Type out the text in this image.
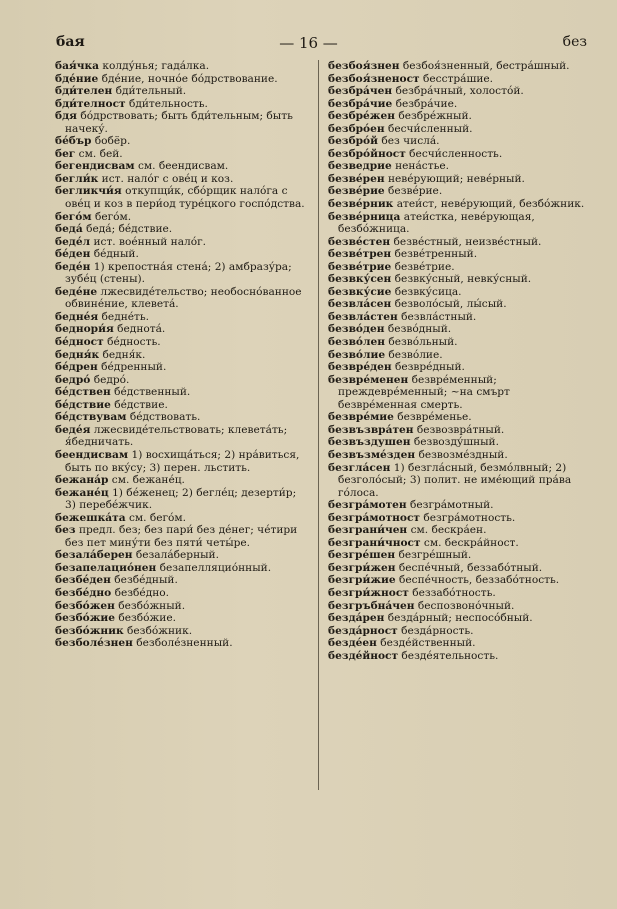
бая	— 16 —	без
бая́чка колду́нья; гада́лка.
бде́ние бде́ние, ночно́е бо́дрствование.
бди́телен бди́тельный.
бди́телност бди́тельность.
бдя бо́дрствовать; быть бди́тельным; быть начеку́.
бе́бър бобёр.
бег см. бей.
бегендисвам см. беендисвам.
бегли́к ист. нало́г с ове́ц и коз.
бегликчи́я откупщи́к, сбо́рщик нало́га с ове́ц и коз в пери́од туре́цкого госпо́дства.
бего́м бего́м.
беда́ беда́; бе́дствие.
беде́л ист. вое́нный нало́г.
бе́ден бе́дный.
беде́н 1) крепостна́я стена́; 2) амбразу́ра; зубе́ц (стены).
беде́не лжесвиде́тельство; необосно́ванное обвине́ние, клевета́.
бедне́я бедне́ть.
беднори́я беднота́.
бе́дност бе́дность.
бедня́к бедня́к.
бе́дрен бе́дренный.
бедро́ бедро́.
бе́дствен бе́дственный.
бе́дствие бе́дствие.
бе́дствувам бе́дствовать.
беде́я лжесвиде́тельствовать; клевета́ть; я́бедничать.
беендисвам 1) восхища́ться; 2) нра́виться, быть по вку́су; 3) перен. льстить.
бежана́р см. бежане́ц.
бежане́ц 1) бе́женец; 2) бегле́ц; дезерти́р; 3) перебе́жчик.
бежешка́та см. бего́м.
без предл. без; без пари́ без де́нег; че́тири без пет мину́ти без пяти́ четы́ре.
безала́берен безала́берный.
безапелацио́нен безапелляцио́нный.
безбе́ден безбе́дный.
безбе́дно безбе́дно.
безбо́жен безбо́жный.
безбо́жие безбо́жие.
безбо́жник безбо́жник.
безболе́знен безболе́зненный.
безбоя́знен безбоя́зненный, бестра́шный.
безбоя́зненост бесстра́шие.
безбра́чен безбра́чный, холосто́й.
безбра́чие безбра́чие.
безбре́жен безбре́жный.
безбро́ен бесчи́сленный.
безбро́й без числа́.
безбро́йност бесчи́сленность.
безведрие нена́стье.
безве́рен неве́рующий; неве́рный.
безве́рие безве́рие.
безве́рник атеи́ст, неве́рующий, безбо́жник.
безве́рница атеи́стка, неве́рующая, безбо́жница.
безве́стен безве́стный, неизве́стный.
безве́трен безве́тренный.
безве́трие безве́трие.
безвку́сен безвку́сный, невку́сный.
безвку́сие безвку́сица.
безвла́сен безволо́сый, лы́сый.
безвла́стен безвла́стный.
безво́ден безво́дный.
безво́лен безво́льный.
безво́лие безво́лие.
безвре́ден безвре́дный.
безвре́менен безвре́менный; преждевре́менный; ~на смърт безвре́менная смерть.
безвре́мие безвре́менье.
безвъзвра́тен безвозвра́тный.
безвъздушен безвозду́шный.
безвъзме́зден безвозме́здный.
безгла́сен 1) безгла́сный, безмо́лвный; 2) безголо́сый; 3) полит. не име́ющий пра́ва го́лоса.
безгра́мотен безгра́мотный.
безгра́мотност безгра́мотность.
безграни́чен см. бескра́ен.
безграни́чност см. бескра́йност.
безгре́шен безгре́шный.
безгри́жен беспе́чный, беззабо́тный.
безгри́жие беспе́чность, беззабо́тность.
безгри́жност беззабо́тность.
безгръбна́чен беспозвоно́чный.
безда́рен безда́рный; неспосо́бный.
безда́рност безда́рность.
безде́ен безде́йственный.
безде́йност безде́ятельность.
